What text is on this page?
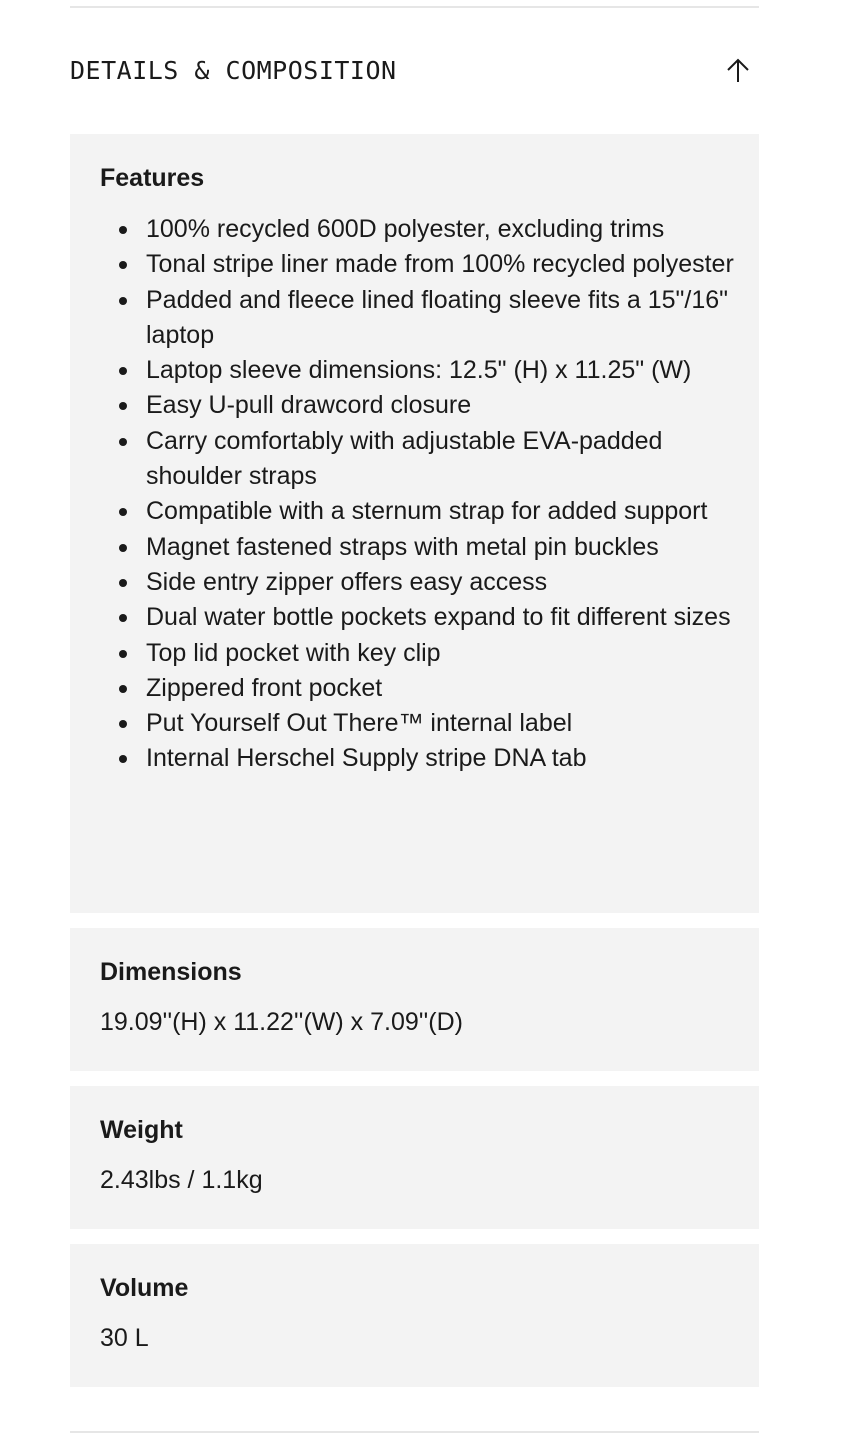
DETAILS & COMPOSITION
Features
100% recycled 600D polyester, excluding trims
Tonal stripe liner made from 100% recycled polyester
Padded and fleece lined floating sleeve fits a 15"/16" laptop
Laptop sleeve dimensions: 12.5" (H) x 11.25" (W)
Easy U-pull drawcord closure
Carry comfortably with adjustable EVA-padded shoulder straps
Compatible with a sternum strap for added support
Magnet fastened straps with metal pin buckles
Side entry zipper offers easy access
Dual water bottle pockets expand to fit different sizes
Top lid pocket with key clip
Zippered front pocket
Put Yourself Out There™ internal label
Internal Herschel Supply stripe DNA tab
Dimensions
19.09''(H) x 11.22''(W) x 7.09''(D)
Weight
2.43lbs / 1.1kg
Volume
30 L
